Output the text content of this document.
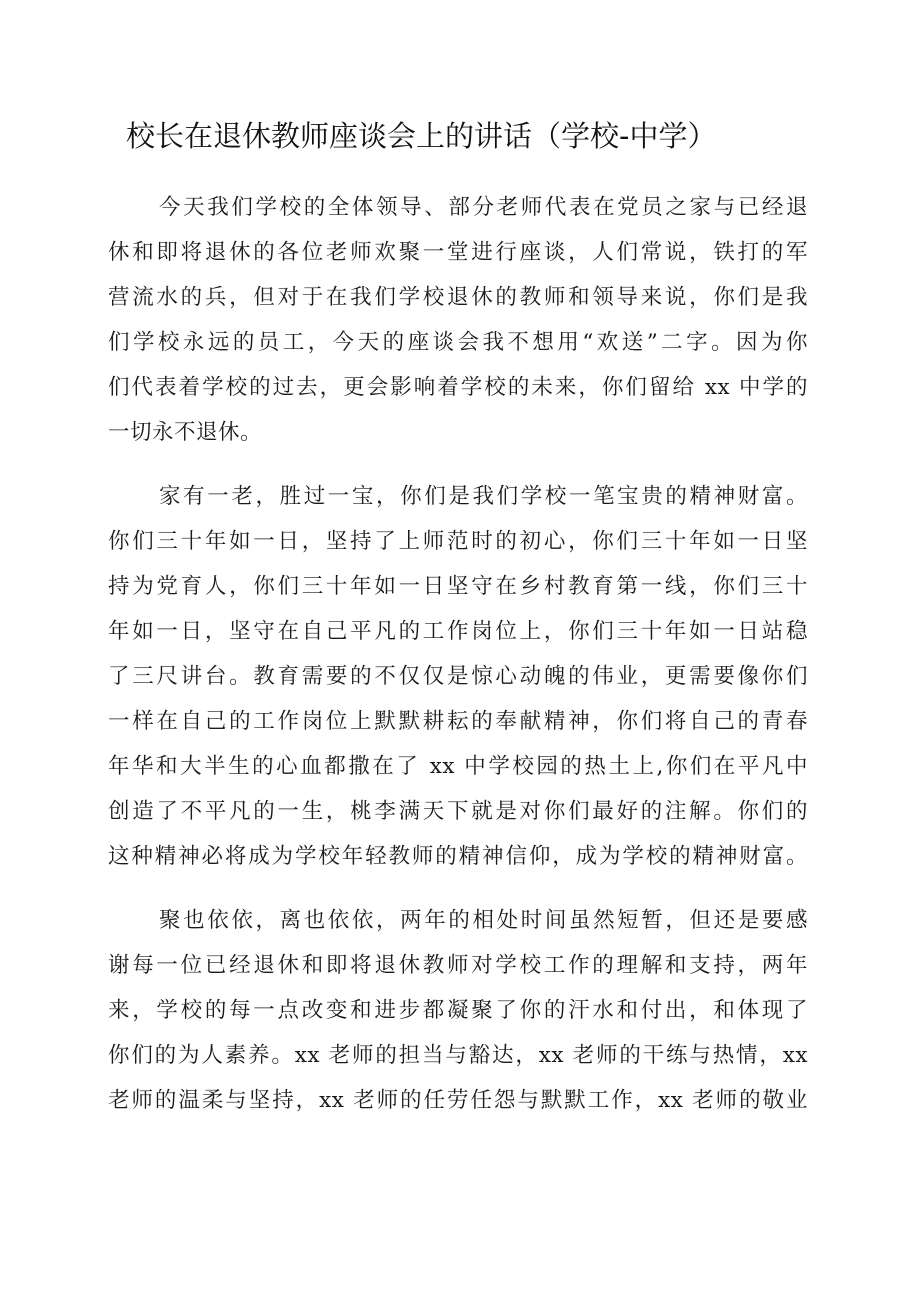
校长在退休教师座谈会上的讲话（学校-中学）
今天我们学校的全体领导、部分老师代表在党员之家与已经退
休和即将退休的各位老师欢聚一堂进行座谈，人们常说，铁打的军
营流水的兵，但对于在我们学校退休的教师和领导来说，你们是我
们学校永远的员工，今天的座谈会我不想用“欢送”二字。因为你
们代表着学校的过去，更会影响着学校的未来，你们留给 xx 中学的
一切永不退休。
家有一老，胜过一宝，你们是我们学校一笔宝贵的精神财富。
你们三十年如一日，坚持了上师范时的初心，你们三十年如一日坚
持为党育人，你们三十年如一日坚守在乡村教育第一线，你们三十
年如一日，坚守在自己平凡的工作岗位上，你们三十年如一日站稳
了三尺讲台。教育需要的不仅仅是惊心动魄的伟业，更需要像你们
一样在自己的工作岗位上默默耕耘的奉献精神，你们将自己的青春
年华和大半生的心血都撒在了 xx 中学校园的热土上,你们在平凡中
创造了不平凡的一生，桃李满天下就是对你们最好的注解。你们的
这种精神必将成为学校年轻教师的精神信仰，成为学校的精神财富。
聚也依依，离也依依，两年的相处时间虽然短暂，但还是要感
谢每一位已经退休和即将退休教师对学校工作的理解和支持，两年
来，学校的每一点改变和进步都凝聚了你的汗水和付出，和体现了
你们的为人素养。xx 老师的担当与豁达，xx 老师的干练与热情，xx
老师的温柔与坚持，xx 老师的任劳任怨与默默工作，xx 老师的敬业
